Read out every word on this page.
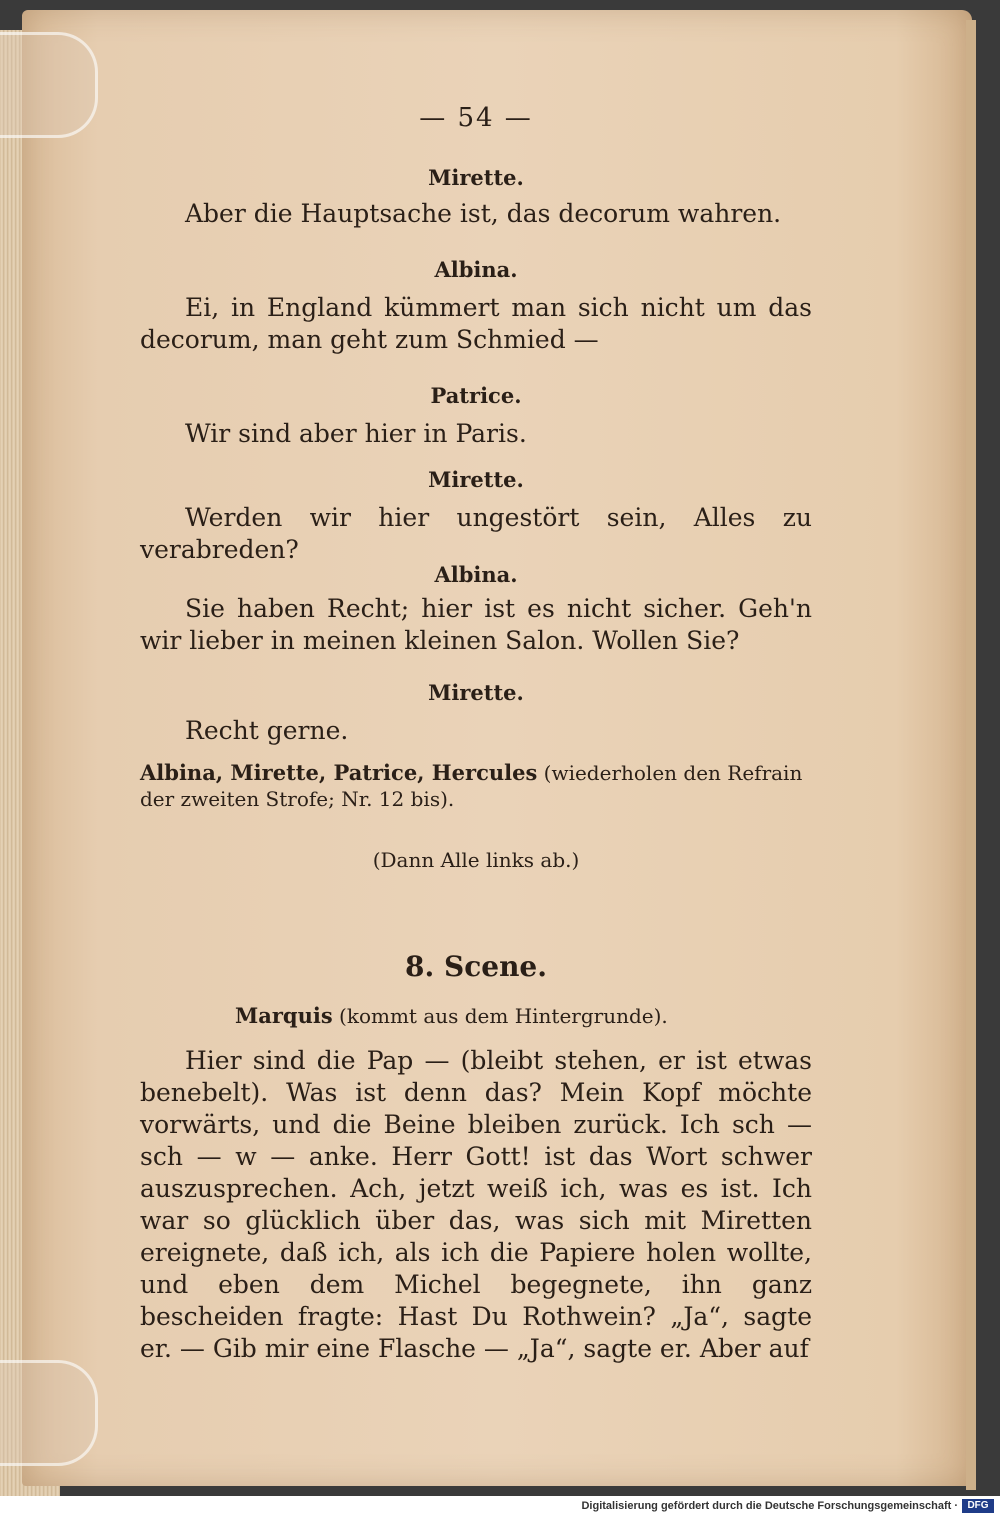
— 54 —
Mirette.
Aber die Hauptsache ist, das decorum wahren.
Albina.
Ei, in England kümmert man sich nicht um das decorum, man geht zum Schmied —
Patrice.
Wir sind aber hier in Paris.
Mirette.
Werden wir hier ungestört sein, Alles zu verabreden?
Albina.
Sie haben Recht; hier ist es nicht sicher. Geh'n wir lieber in meinen kleinen Salon. Wollen Sie?
Mirette.
Recht gerne.
Albina, Mirette, Patrice, Hercules (wiederholen den Refrain der zweiten Strofe; Nr. 12 bis).
(Dann Alle links ab.)
8. Scene.
Marquis (kommt aus dem Hintergrunde).
Hier sind die Pap — (bleibt stehen, er ist etwas benebelt). Was ist denn das? Mein Kopf möchte vorwärts, und die Beine bleiben zurück. Ich sch — sch — w — anke. Herr Gott! ist das Wort schwer auszusprechen. Ach, jetzt weiß ich, was es ist. Ich war so glücklich über das, was sich mit Miretten ereignete, daß ich, als ich die Papiere holen wollte, und eben dem Michel begegnete, ihn ganz bescheiden fragte: Hast Du Rothwein? „Ja“, sagte er. — Gib mir eine Flasche — „Ja“, sagte er. Aber auf
Digitalisierung gefördert durch die Deutsche Forschungsgemeinschaft · DFG
